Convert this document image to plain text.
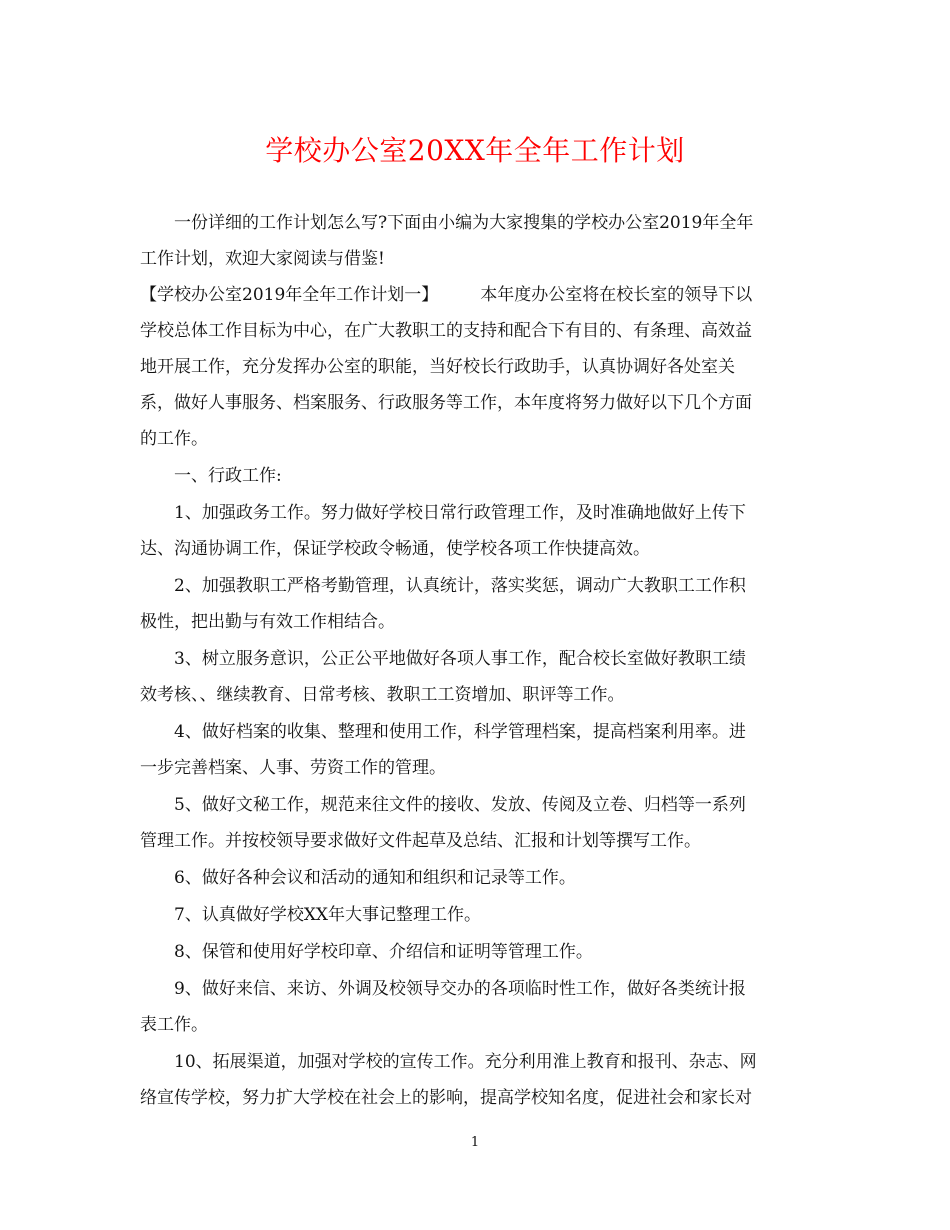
学校办公室20XX年全年工作计划
一份详细的工作计划怎么写?下面由小编为大家搜集的学校办公室2019年全年
工作计划，欢迎大家阅读与借鉴!
【学校办公室2019年全年工作计划一】 本年度办公室将在校长室的领导下以
学校总体工作目标为中心，在广大教职工的支持和配合下有目的、有条理、高效益
地开展工作，充分发挥办公室的职能，当好校长行政助手，认真协调好各处室关
系，做好人事服务、档案服务、行政服务等工作，本年度将努力做好以下几个方面
的工作。
一、行政工作:
1、加强政务工作。努力做好学校日常行政管理工作，及时准确地做好上传下
达、沟通协调工作，保证学校政令畅通，使学校各项工作快捷高效。
2、加强教职工严格考勤管理，认真统计，落实奖惩，调动广大教职工工作积
极性，把出勤与有效工作相结合。
3、树立服务意识，公正公平地做好各项人事工作，配合校长室做好教职工绩
效考核、、继续教育、日常考核、教职工工资增加、职评等工作。
4、做好档案的收集、整理和使用工作，科学管理档案，提高档案利用率。进
一步完善档案、人事、劳资工作的管理。
5、做好文秘工作，规范来往文件的接收、发放、传阅及立卷、归档等一系列
管理工作。并按校领导要求做好文件起草及总结、汇报和计划等撰写工作。
6、做好各种会议和活动的通知和组织和记录等工作。
7、认真做好学校XX年大事记整理工作。
8、保管和使用好学校印章、介绍信和证明等管理工作。
9、做好来信、来访、外调及校领导交办的各项临时性工作，做好各类统计报
表工作。
10、拓展渠道，加强对学校的宣传工作。充分利用淮上教育和报刊、杂志、网
络宣传学校，努力扩大学校在社会上的影响，提高学校知名度，促进社会和家长对
1
